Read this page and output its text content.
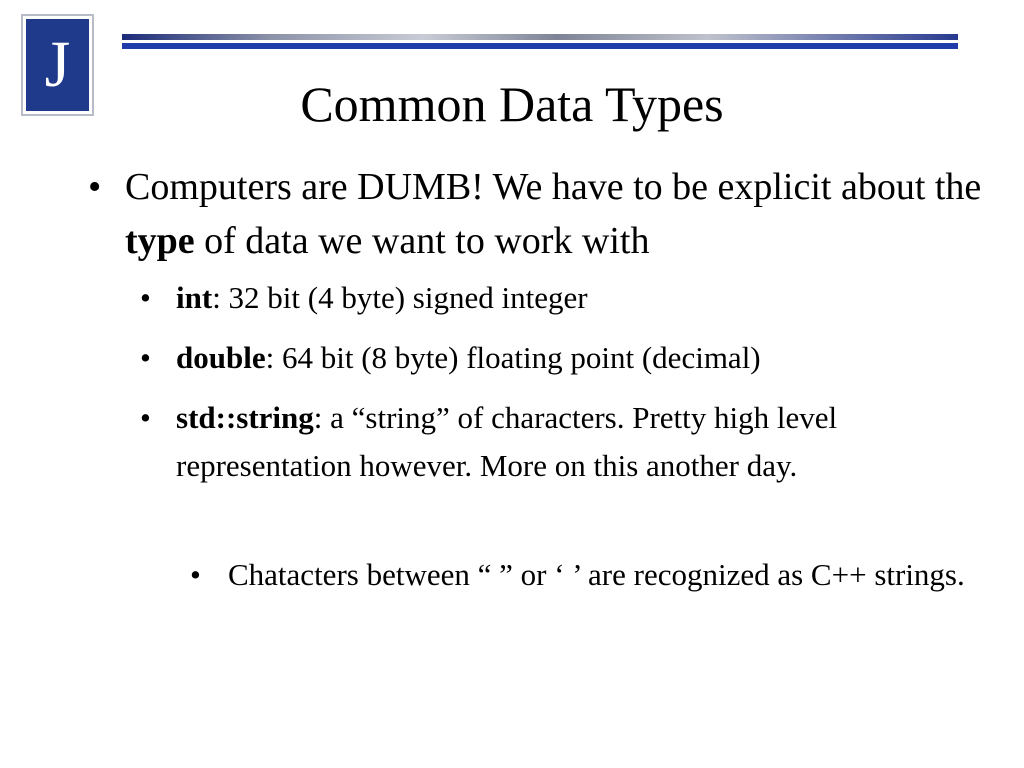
J
Common Data Types
• Computers are DUMB! We have to be explicit about the type of data we want to work with
• int: 32 bit (4 byte) signed integer
• double: 64 bit (8 byte) floating point (decimal)
• std::string: a “string” of characters. Pretty high level representation however. More on this another day.
• Chatacters between “ ” or ‘ ’ are recognized as C++ strings.
